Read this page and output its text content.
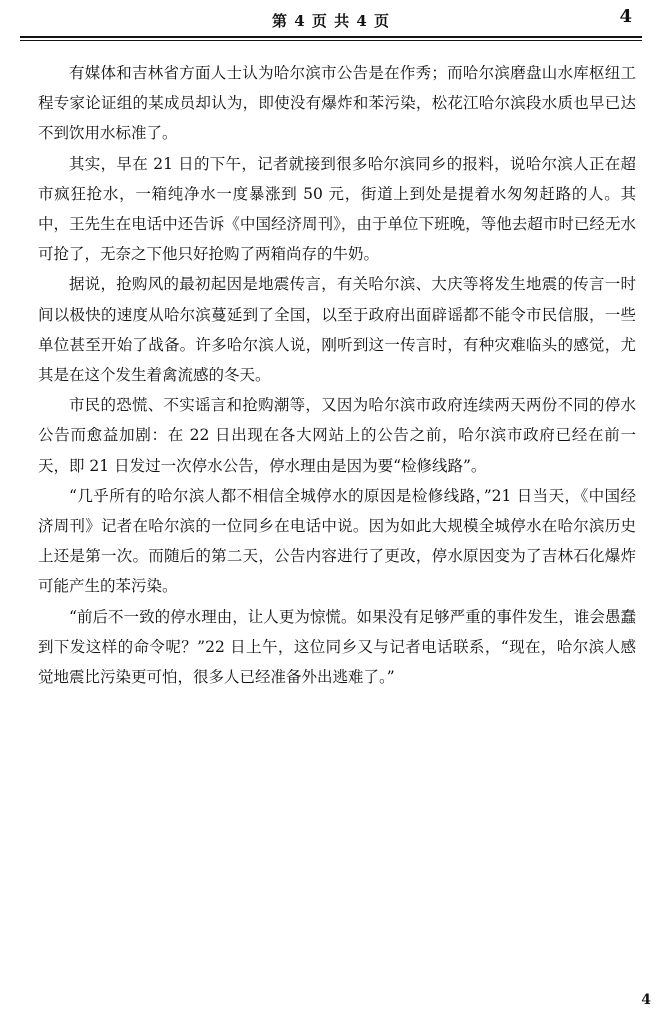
第 4 页 共 4 页	4

有媒体和吉林省方面人士认为哈尔滨市公告是在作秀；而哈尔滨磨盘山水库枢纽工程专家论证组的某成员却认为，即使没有爆炸和苯污染，松花江哈尔滨段水质也早已达不到饮用水标准了。

其实，早在 21 日的下午，记者就接到很多哈尔滨同乡的报料，说哈尔滨人正在超市疯狂抢水，一箱纯净水一度暴涨到 50 元，街道上到处是提着水匆匆赶路的人。其中，王先生在电话中还告诉《中国经济周刊》，由于单位下班晚，等他去超市时已经无水可抢了，无奈之下他只好抢购了两箱尚存的牛奶。

据说，抢购风的最初起因是地震传言，有关哈尔滨、大庆等将发生地震的传言一时间以极快的速度从哈尔滨蔓延到了全国，以至于政府出面辟谣都不能令市民信服，一些单位甚至开始了战备。许多哈尔滨人说，刚听到这一传言时，有种灾难临头的感觉，尤其是在这个发生着禽流感的冬天。

市民的恐慌、不实谣言和抢购潮等，又因为哈尔滨市政府连续两天两份不同的停水公告而愈益加剧：在 22 日出现在各大网站上的公告之前，哈尔滨市政府已经在前一天，即 21 日发过一次停水公告，停水理由是因为要“检修线路”。

“几乎所有的哈尔滨人都不相信全城停水的原因是检修线路，”21 日当天，《中国经济周刊》记者在哈尔滨的一位同乡在电话中说。因为如此大规模全城停水在哈尔滨历史上还是第一次。而随后的第二天，公告内容进行了更改，停水原因变为了吉林石化爆炸可能产生的苯污染。

“前后不一致的停水理由，让人更为惊慌。如果没有足够严重的事件发生，谁会愚蠢到下发这样的命令呢？”22 日上午，这位同乡又与记者电话联系，“现在，哈尔滨人感觉地震比污染更可怕，很多人已经准备外出逃难了。”

4
